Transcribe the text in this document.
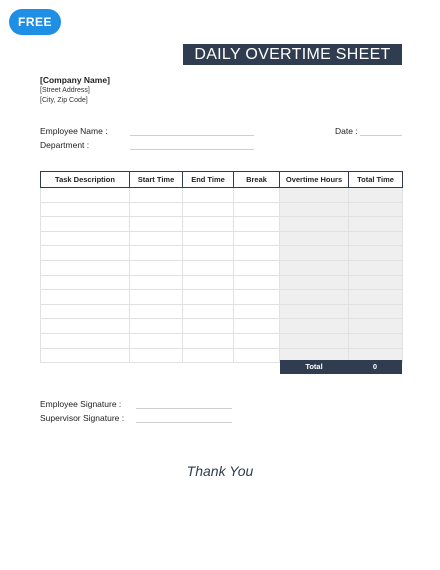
FREE
DAILY OVERTIME SHEET
[Company Name]
[Street Address]
[City, Zip Code]
Employee Name :
Department :
Date :
Task Description	Start Time	End Time	Break	Overtime Hours	Total Time

Total	0
Employee Signature :
Supervisor Signature :
Thank You
